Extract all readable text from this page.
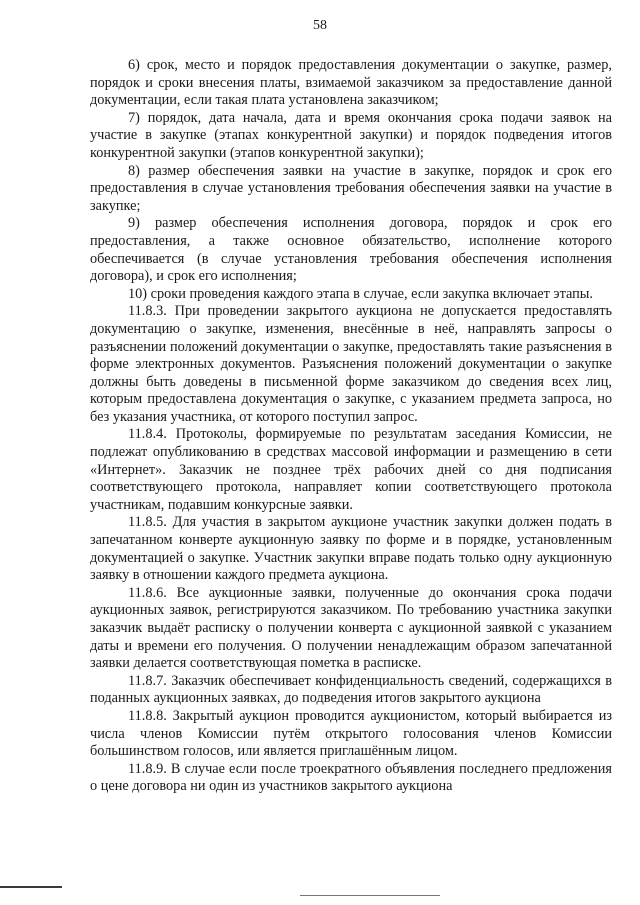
58

6) срок, место и порядок предоставления документации о закупке, размер, порядок и сроки внесения платы, взимаемой заказчиком за предоставление данной документации, если такая плата установлена заказчиком;

7) порядок, дата начала, дата и время окончания срока подачи заявок на участие в закупке (этапах конкурентной закупки) и порядок подведения итогов конкурентной закупки (этапов конкурентной закупки);

8) размер обеспечения заявки на участие в закупке, порядок и срок его предоставления в случае установления требования обеспечения заявки на участие в закупке;

9) размер обеспечения исполнения договора, порядок и срок его предоставления, а также основное обязательство, исполнение которого обеспечивается (в случае установления требования обеспечения исполнения договора), и срок его исполнения;

10) сроки проведения каждого этапа в случае, если закупка включает этапы.

11.8.3. При проведении закрытого аукциона не допускается предоставлять документацию о закупке, изменения, внесённые в неё, направлять запросы о разъяснении положений документации о закупке, предоставлять такие разъяснения в форме электронных документов. Разъяснения положений документации о закупке должны быть доведены в письменной форме заказчиком до сведения всех лиц, которым предоставлена документация о закупке, с указанием предмета запроса, но без указания участника, от которого поступил запрос.

11.8.4. Протоколы, формируемые по результатам заседания Комиссии, не подлежат опубликованию в средствах массовой информации и размещению в сети «Интернет». Заказчик не позднее трёх рабочих дней со дня подписания соответствующего протокола, направляет копии соответствующего протокола участникам, подавшим конкурсные заявки.

11.8.5. Для участия в закрытом аукционе участник закупки должен подать в запечатанном конверте аукционную заявку по форме и в порядке, установленным документацией о закупке. Участник закупки вправе подать только одну аукционную заявку в отношении каждого предмета аукциона.

11.8.6. Все аукционные заявки, полученные до окончания срока подачи аукционных заявок, регистрируются заказчиком. По требованию участника закупки заказчик выдаёт расписку о получении конверта с аукционной заявкой с указанием даты и времени его получения. О получении ненадлежащим образом запечатанной заявки делается соответствующая пометка в расписке.

11.8.7. Заказчик обеспечивает конфиденциальность сведений, содержащихся в поданных аукционных заявках, до подведения итогов закрытого аукциона

11.8.8. Закрытый аукцион проводится аукционистом, который выбирается из числа членов Комиссии путём открытого голосования членов Комиссии большинством голосов, или является приглашённым лицом.

11.8.9. В случае если после троекратного объявления последнего предложения о цене договора ни один из участников закрытого аукциона
